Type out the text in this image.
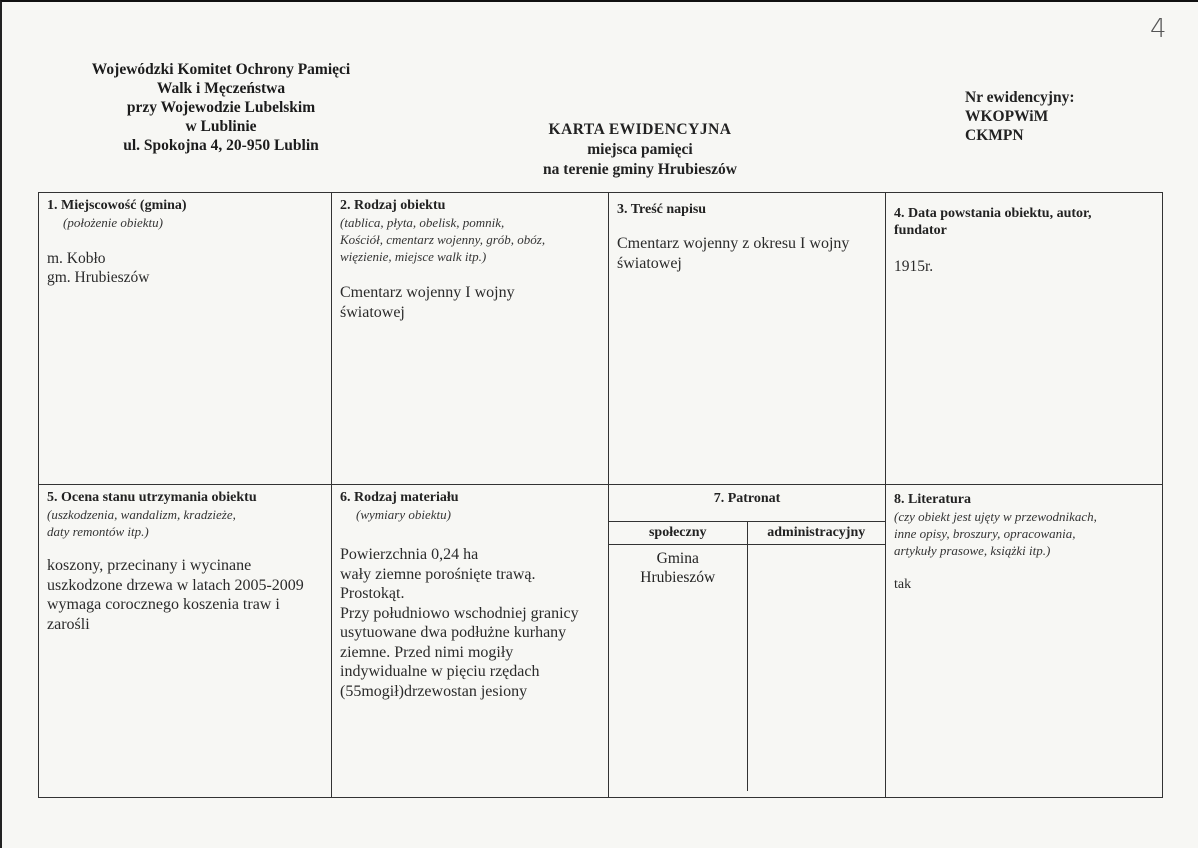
4
Wojewódzki Komitet Ochrony Pamięci
Walk i Męczeństwa
przy Wojewodzie Lubelskim
w Lublinie
ul. Spokojna 4, 20-950 Lublin
KARTA EWIDENCYJNA
miejsca pamięci
na terenie gminy Hrubieszów
Nr ewidencyjny:
WKOPWiM
CKMPN
1. Miejscowość (gmina)
(położenie obiektu)
m. Kobło
gm. Hrubieszów

2. Rodzaj obiektu
(tablica, płyta, obelisk, pomnik,
Kościół, cmentarz wojenny, grób, obóz,
więzienie, miejsce walk itp.)
Cmentarz wojenny I wojny
światowej

3. Treść napisu
Cmentarz wojenny z okresu I wojny
światowej

4. Data powstania obiektu, autor,
fundator
1915r.

5. Ocena stanu utrzymania obiektu
(uszkodzenia, wandalizm, kradzieże,
daty remontów itp.)
koszony, przecinany i wycinane
uszkodzone drzewa w latach 2005-2009
wymaga corocznego koszenia traw i
zarośli

6. Rodzaj materiału
(wymiary obiektu)
Powierzchnia 0,24 ha
wały ziemne porośnięte trawą.
Prostokąt.
Przy południowo wschodniej granicy
usytuowane dwa podłużne kurhany
ziemne. Przed nimi mogiły
indywidualne w pięciu rzędach
(55mogił)drzewostan jesiony

7. Patronat
społeczny	administracyjny

Gmina
Hrubieszów

8. Literatura
(czy obiekt jest ujęty w przewodnikach,
inne opisy, broszury, opracowania,
artykuły prasowe, książki itp.)
tak
